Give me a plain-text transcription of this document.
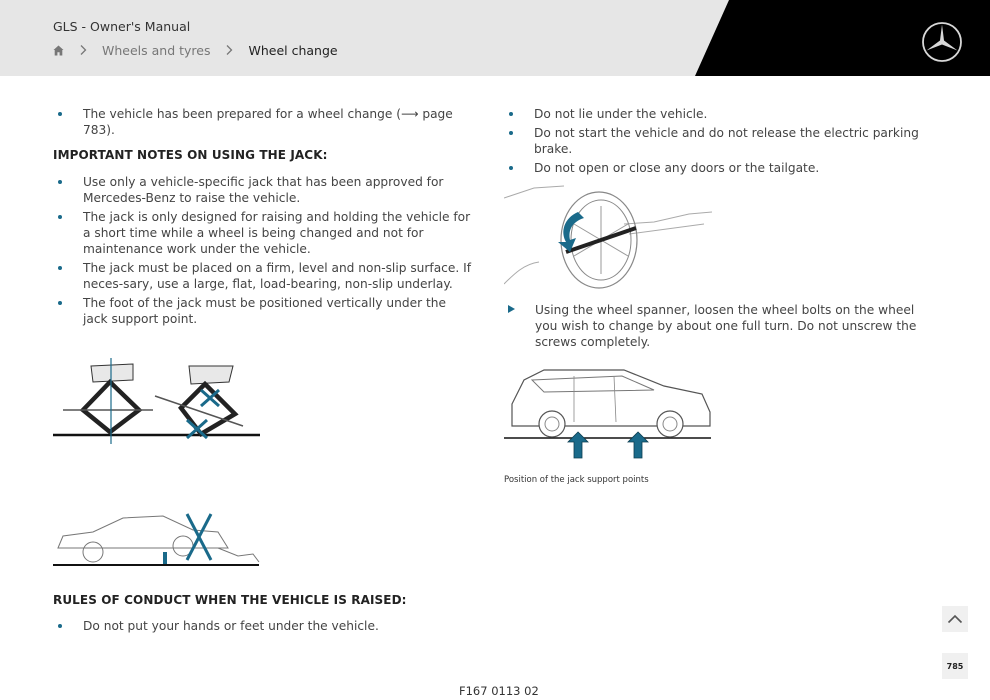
GLS - Owner's Manual
Wheels and tyres	Wheel change
The vehicle has been prepared for a wheel change (⟶ page 783).
IMPORTANT NOTES ON USING THE JACK:
Use only a vehicle-specific jack that has been approved for Mercedes-Benz to raise the vehicle.
The jack is only designed for raising and holding the vehicle for a short time while a wheel is being changed and not for maintenance work under the vehicle.
The jack must be placed on a firm, level and non-slip surface. If neces-sary, use a large, flat, load-bearing, non-slip underlay.
The foot of the jack must be positioned vertically under the jack support point.
RULES OF CONDUCT WHEN THE VEHICLE IS RAISED:
Do not put your hands or feet under the vehicle.
Do not lie under the vehicle.
Do not start the vehicle and do not release the electric parking brake.
Do not open or close any doors or the tailgate.
Using the wheel spanner, loosen the wheel bolts on the wheel you wish to change by about one full turn. Do not unscrew the screws completely.
Position of the jack support points
F167 0113 02
785
